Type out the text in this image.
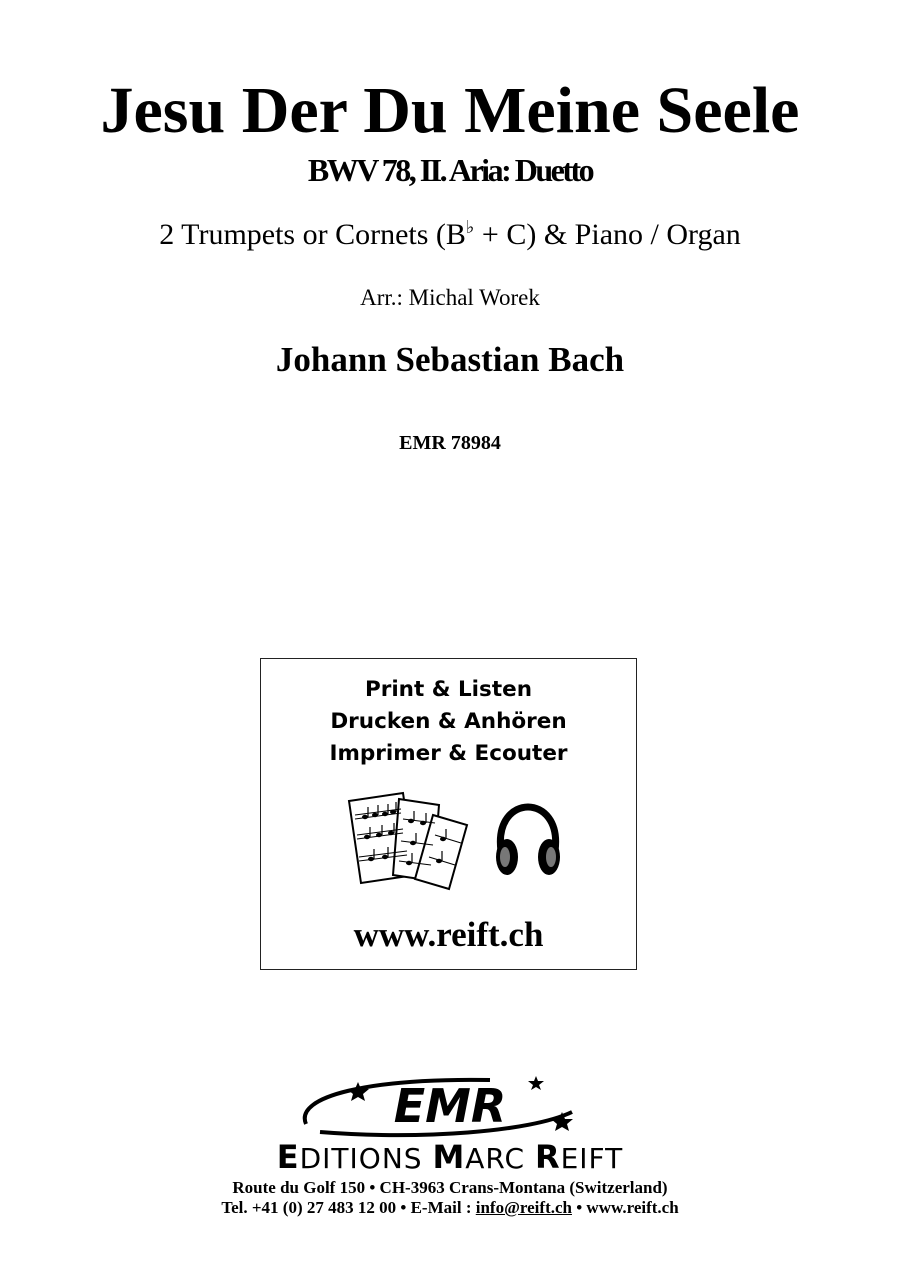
Jesu Der Du Meine Seele
BWV 78, II. Aria: Duetto
2 Trumpets or Cornets (B♭ + C) & Piano / Organ
Arr.: Michal Worek
Johann Sebastian Bach
EMR 78984
Print & Listen
Drucken & Anhören
Imprimer & Ecouter
www.reift.ch
EMR
EDITIONS MARC REIFT
Route du Golf 150 • CH-3963 Crans-Montana (Switzerland)
Tel. +41 (0) 27 483 12 00 • E-Mail : info@reift.ch • www.reift.ch
